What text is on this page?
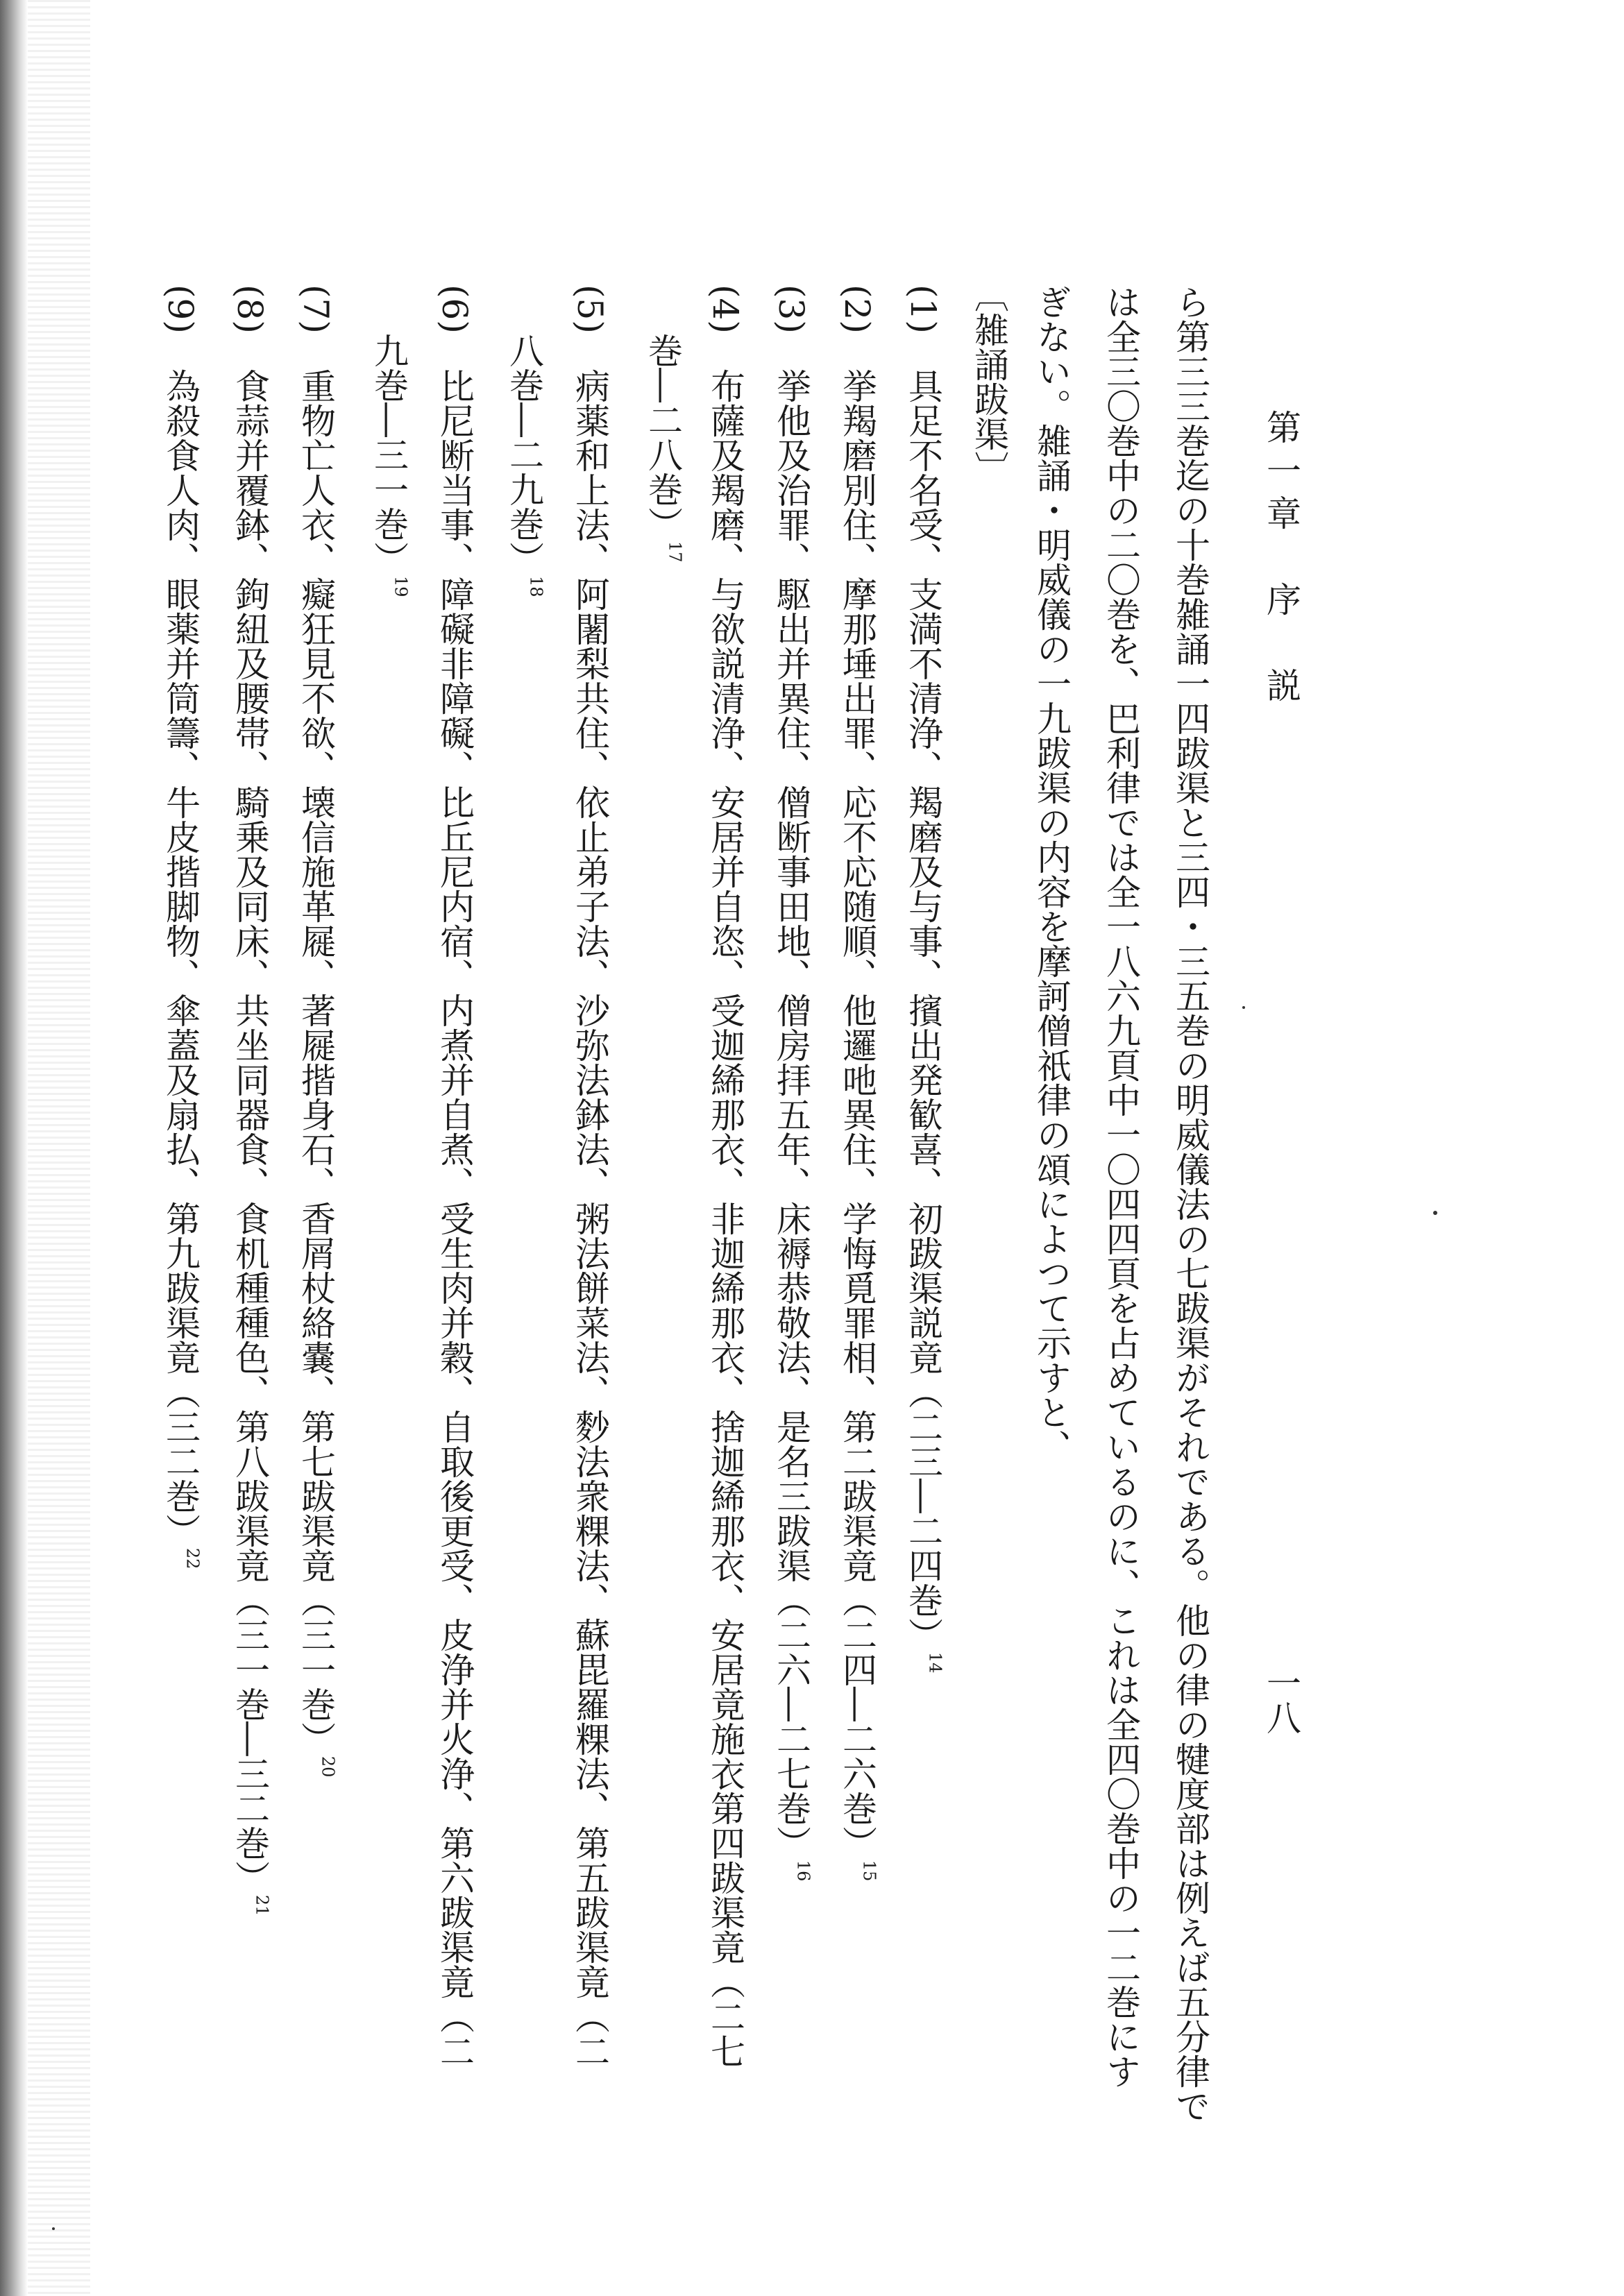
第一章　序　説
一八
ら第三三巻迄の十巻雑誦一四跋渠と三四・三五巻の明威儀法の七跋渠がそれである。他の律の犍度部は例えば五分律で
は全三〇巻中の二〇巻を、巴利律では全一八六九頁中一〇四四頁を占めているのに、これは全四〇巻中の一二巻にす
ぎない。雑誦・明威儀の一九跋渠の内容を摩訶僧祇律の頌によつて示すと、
〔雑誦跋渠〕
(1)　具足不名受、支満不清浄、羯磨及与事、擯出発歓喜、初跋渠説竟（二三―二四巻）$^{14}$
(2)　挙羯磨別住、摩那埵出罪、応不応随順、他邏吔異住、学悔覓罪相、第二跋渠竟（二四―二六巻）$^{15}$
(3)　挙他及治罪、駆出并異住、僧断事田地、僧房拝五年、床褥恭敬法、是名三跋渠（二六―二七巻）$^{16}$
(4)　布薩及羯磨、与欲説清浄、安居并自恣、受迦絺那衣、非迦絺那衣、捨迦絺那衣、安居竟施衣第四跋渠竟（二七
巻―二八巻）$^{17}$
(5)　病薬和上法、阿闍梨共住、依止弟子法、沙弥法鉢法、粥法餅菜法、麨法衆粿法、蘇毘羅粿法、第五跋渠竟（二
八巻―二九巻）$^{18}$
(6)　比尼断当事、障礙非障礙、比丘尼内宿、内煮并自煮、受生肉并穀、自取後更受、皮浄并火浄、第六跋渠竟（二
九巻―三一巻）$^{19}$
(7)　重物亡人衣、癡狂見不欲、壊信施革屣、著屣揩身石、香屑杖絡嚢、第七跋渠竟（三一巻）$^{20}$
(8)　食蒜并覆鉢、鉤紐及腰帯、騎乗及同床、共坐同器食、食机種種色、第八跋渠竟（三一巻―三二巻）$^{21}$
(9)　為殺食人肉、眼薬并筒籌、牛皮揩脚物、傘蓋及扇払、第九跋渠竟（三二巻）$^{22}$
